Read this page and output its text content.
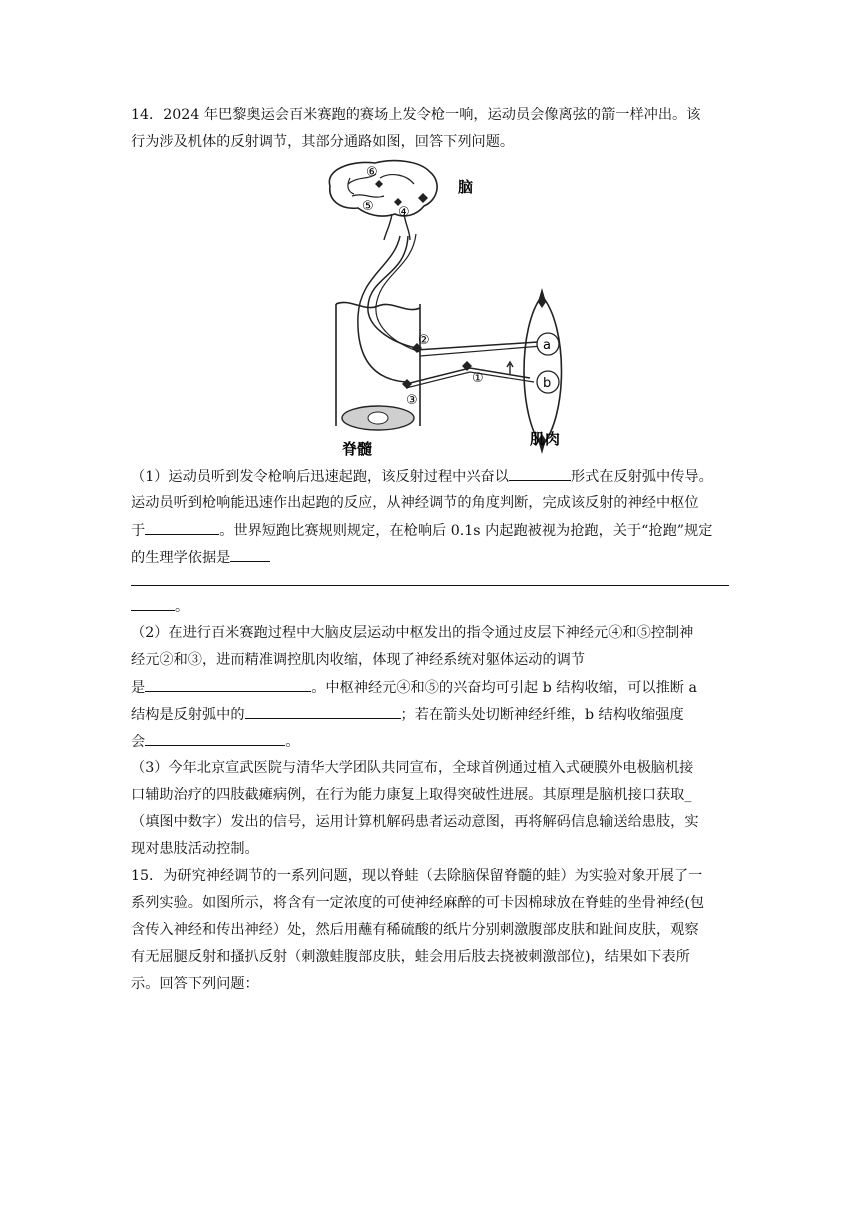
14．2024 年巴黎奥运会百米赛跑的赛场上发令枪一响，运动员会像离弦的箭一样冲出。该
行为涉及机体的反射调节，其部分通路如图，回答下列问题。
⑥
⑤ ④
②
③
①
a
b
脑
脊髓
肌肉
（1）运动员听到发令枪响后迅速起跑，该反射过程中兴奋以	形式在反射弧中传导。
运动员听到枪响能迅速作出起跑的反应，从神经调节的角度判断，完成该反射的神经中枢位
于	。世界短跑比赛规则规定，在枪响后 0.1s 内起跑被视为抢跑，关于“抢跑”规定
的生理学依据是
。
（2）在进行百米赛跑过程中大脑皮层运动中枢发出的指令通过皮层下神经元④和⑤控制神
经元②和③，进而精准调控肌肉收缩，体现了神经系统对躯体运动的调节
是	。中枢神经元④和⑤的兴奋均可引起 b 结构收缩，可以推断 a
结构是反射弧中的	；若在箭头处切断神经纤维，b 结构收缩强度
会	。
（3）今年北京宣武医院与清华大学团队共同宣布，全球首例通过植入式硬膜外电极脑机接
口辅助治疗的四肢截瘫病例，在行为能力康复上取得突破性进展。其原理是脑机接口获取_
（填图中数字）发出的信号，运用计算机解码患者运动意图，再将解码信息输送给患肢，实
现对患肢活动控制。
15．为研究神经调节的一系列问题，现以脊蛙（去除脑保留脊髓的蛙）为实验对象开展了一
系列实验。如图所示，将含有一定浓度的可使神经麻醉的可卡因棉球放在脊蛙的坐骨神经(包
含传入神经和传出神经）处，然后用蘸有稀硫酸的纸片分别刺激腹部皮肤和趾间皮肤，观察
有无屈腿反射和搔扒反射（刺激蛙腹部皮肤，蛙会用后肢去挠被刺激部位)，结果如下表所
示。回答下列问题：
